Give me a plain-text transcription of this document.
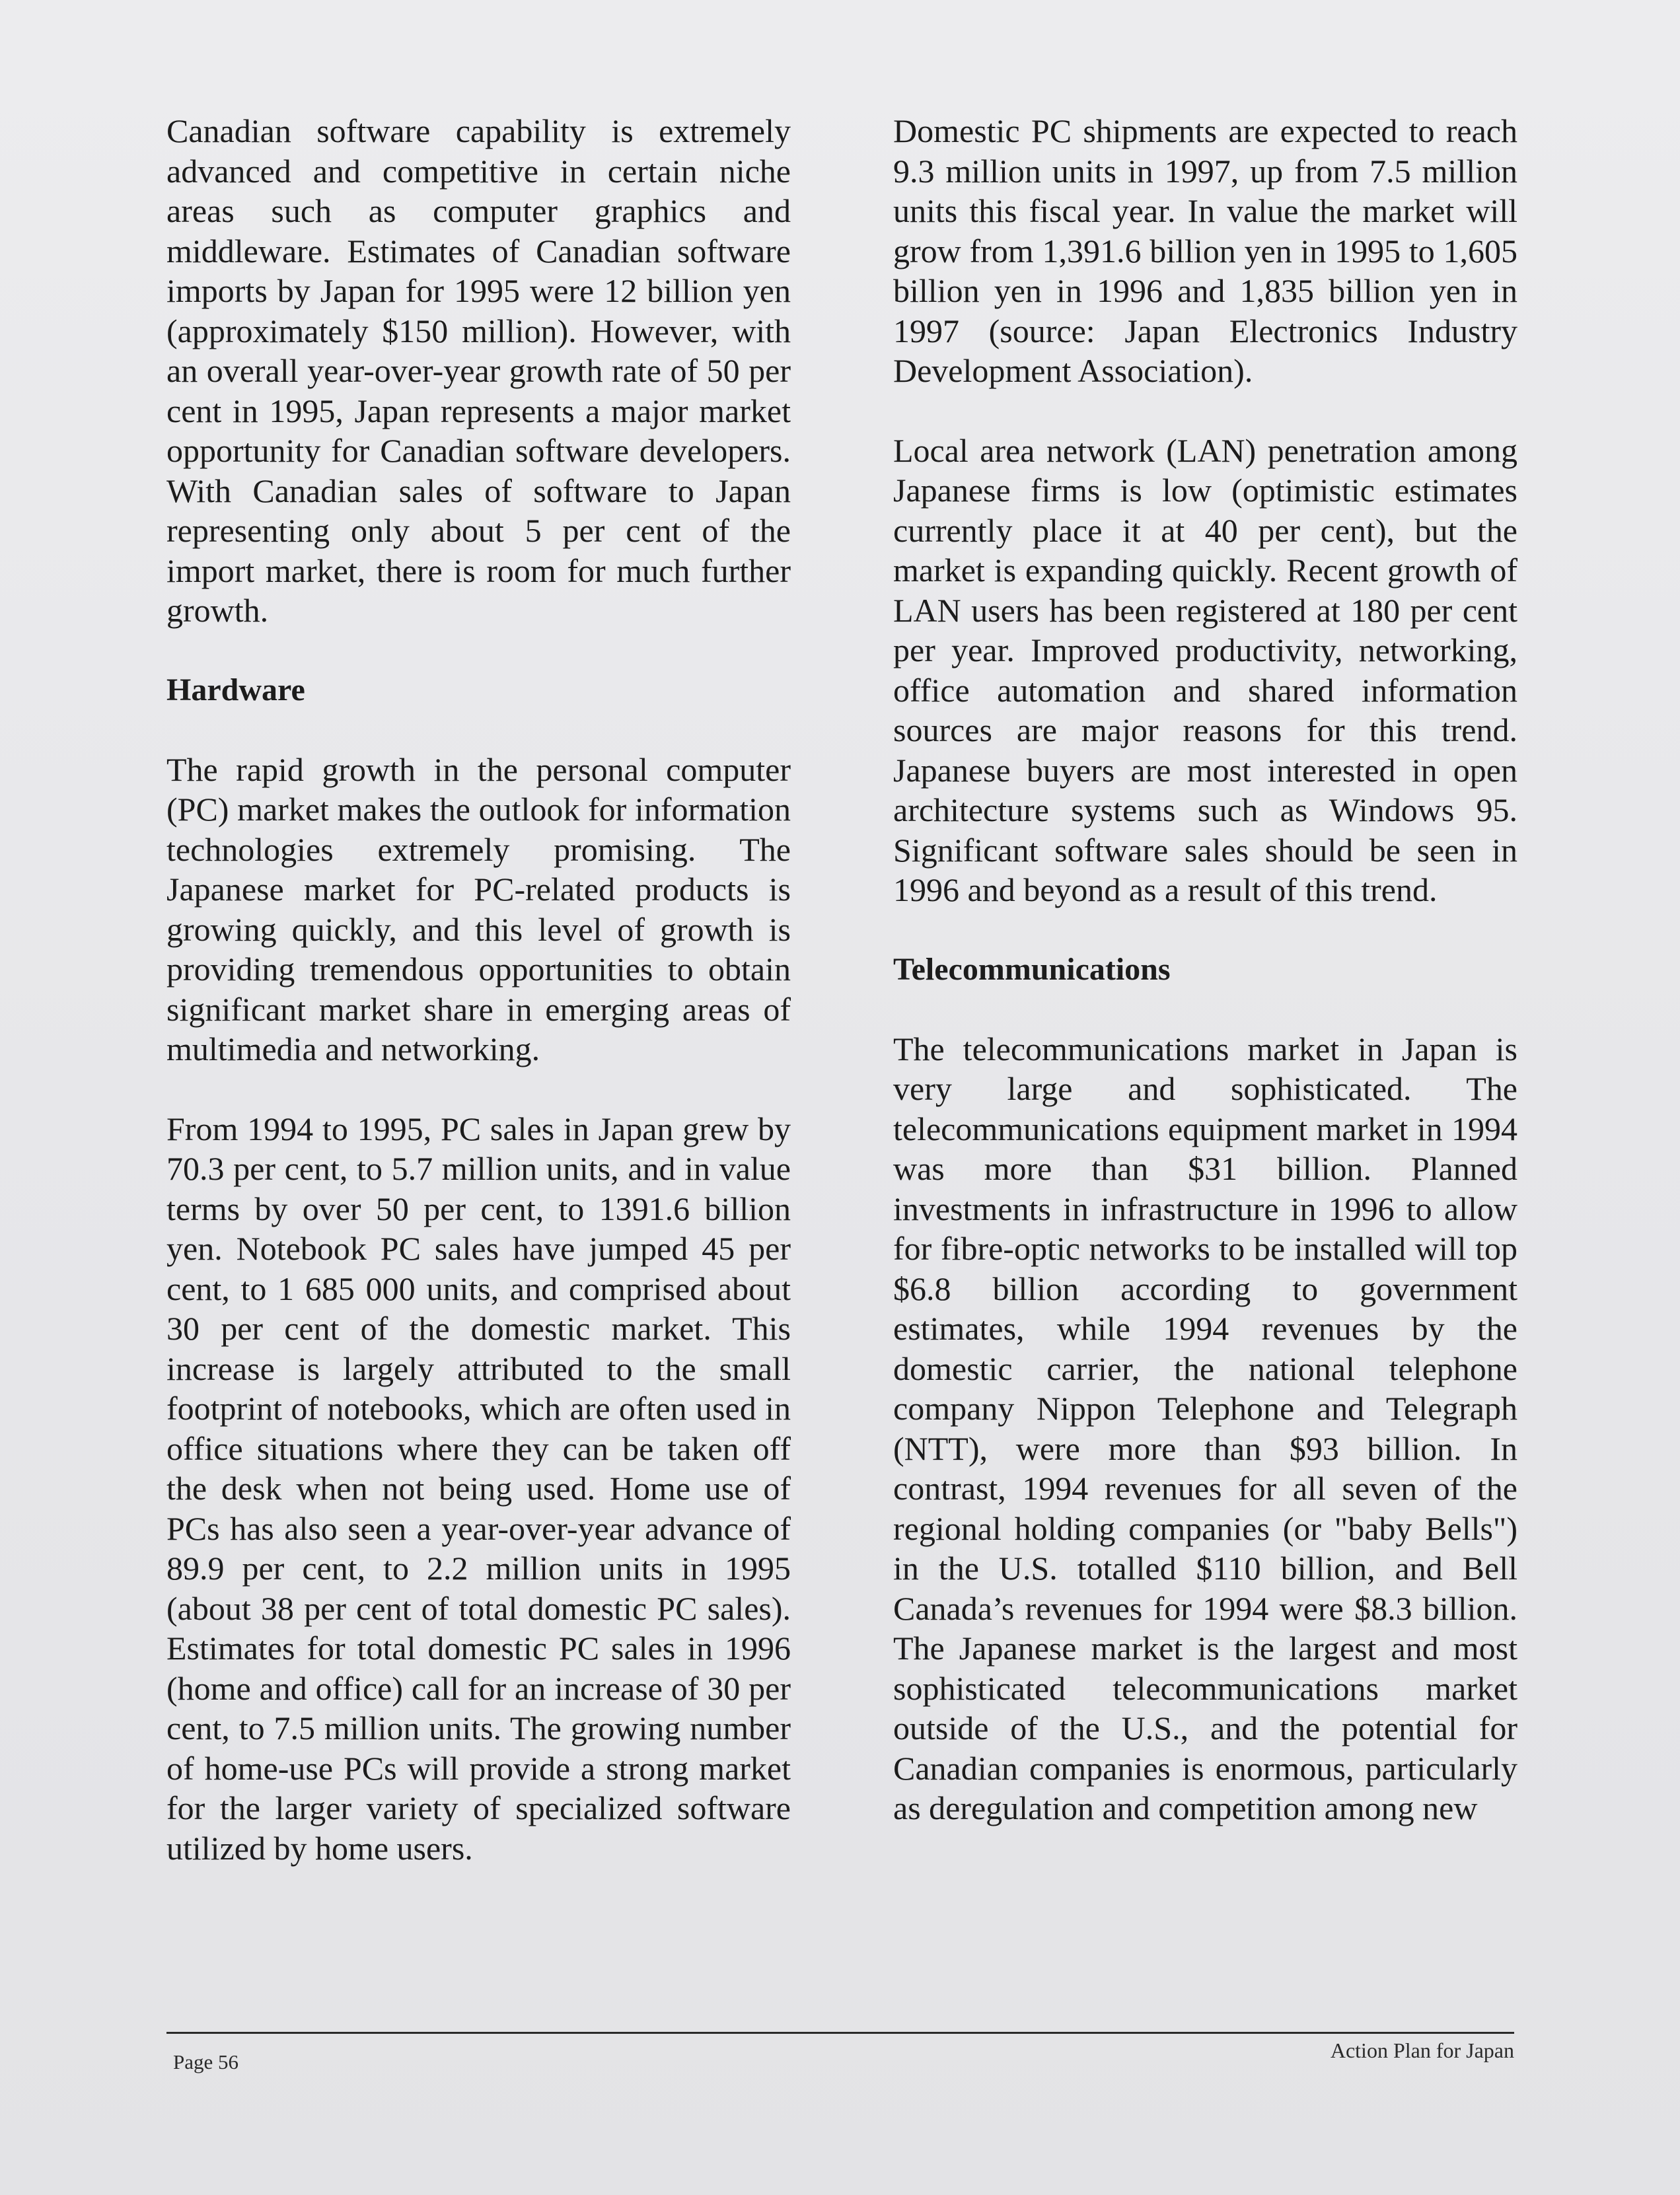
Canadian software capability is extremely advanced and competitive in certain niche areas such as computer graphics and middleware. Estimates of Canadian software imports by Japan for 1995 were 12 billion yen (approximately $150 million). However, with an overall year-over-year growth rate of 50 per cent in 1995, Japan represents a major market opportunity for Canadian software developers. With Canadian sales of software to Japan representing only about 5 per cent of the import market, there is room for much further growth.

Hardware

The rapid growth in the personal computer (PC) market makes the outlook for information technologies extremely promising. The Japanese market for PC-related products is growing quickly, and this level of growth is providing tremendous opportunities to obtain significant market share in emerging areas of multimedia and networking.

From 1994 to 1995, PC sales in Japan grew by 70.3 per cent, to 5.7 million units, and in value terms by over 50 per cent, to 1391.6 billion yen. Notebook PC sales have jumped 45 per cent, to 1 685 000 units, and comprised about 30 per cent of the domestic market. This increase is largely attributed to the small footprint of notebooks, which are often used in office situations where they can be taken off the desk when not being used. Home use of PCs has also seen a year-over-year advance of 89.9 per cent, to 2.2 million units in 1995 (about 38 per cent of total domestic PC sales). Estimates for total domestic PC sales in 1996 (home and office) call for an increase of 30 per cent, to 7.5 million units. The growing number of home-use PCs will provide a strong market for the larger variety of specialized software utilized by home users.

Domestic PC shipments are expected to reach 9.3 million units in 1997, up from 7.5 million units this fiscal year. In value the market will grow from 1,391.6 billion yen in 1995 to 1,605 billion yen in 1996 and 1,835 billion yen in 1997 (source: Japan Electronics Industry Development Association).

Local area network (LAN) penetration among Japanese firms is low (optimistic estimates currently place it at 40 per cent), but the market is expanding quickly. Recent growth of LAN users has been registered at 180 per cent per year. Improved productivity, networking, office automation and shared information sources are major reasons for this trend. Japanese buyers are most interested in open architecture systems such as Windows 95. Significant software sales should be seen in 1996 and beyond as a result of this trend.

Telecommunications

The telecommunications market in Japan is very large and sophisticated. The telecommunications equipment market in 1994 was more than $31 billion. Planned investments in infrastructure in 1996 to allow for fibre-optic networks to be installed will top $6.8 billion according to government estimates, while 1994 revenues by the domestic carrier, the national telephone company Nippon Telephone and Telegraph (NTT), were more than $93 billion. In contrast, 1994 revenues for all seven of the regional holding companies (or "baby Bells") in the U.S. totalled $110 billion, and Bell Canada’s revenues for 1994 were $8.3 billion. The Japanese market is the largest and most sophisticated telecommunications market outside of the U.S., and the potential for Canadian companies is enormous, particularly as deregulation and competition among new

Page 56	Action Plan for Japan
